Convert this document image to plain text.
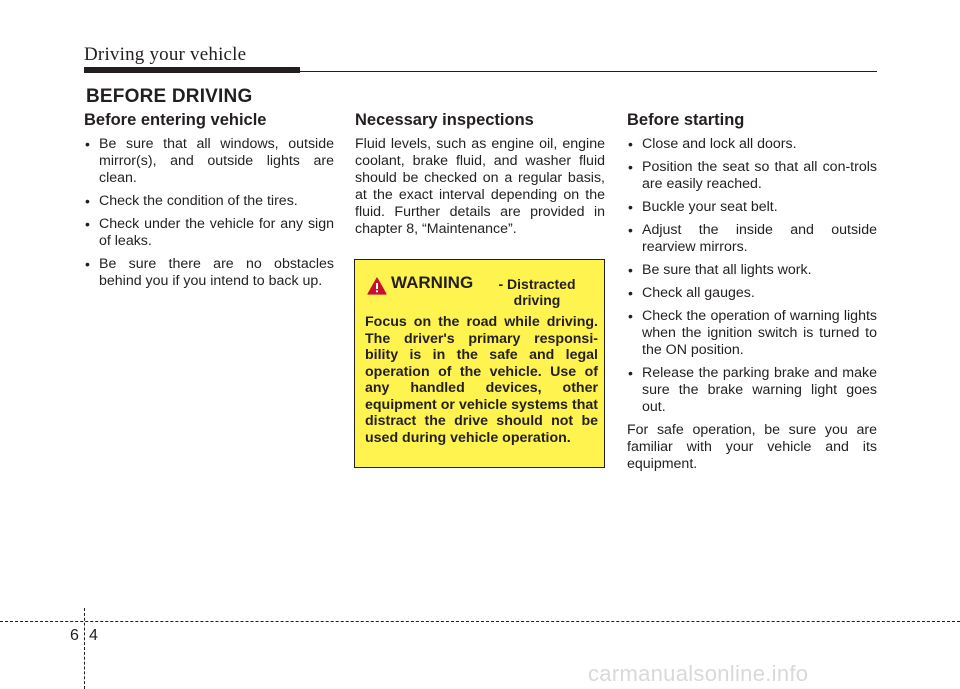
Driving your vehicle
BEFORE DRIVING
Before entering vehicle
• Be sure that all windows, outside mirror(s), and outside lights are clean.
• Check the condition of the tires.
• Check under the vehicle for any sign of leaks.
• Be sure there are no obstacles behind you if you intend to back up.
Necessary inspections

Fluid levels, such as engine oil, engine coolant, brake fluid, and washer fluid should be checked on a regular basis, at the exact interval depending on the fluid. Further details are provided in chapter 8, “Maintenance”.

WARNING	- Distracted driving
Focus on the road while driving. The driver's primary responsi-bility is in the safe and legal operation of the vehicle. Use of any handled devices, other equipment or vehicle systems that distract the drive should not be used during vehicle operation.
Before starting
• Close and lock all doors.
• Position the seat so that all con-trols are easily reached.
• Buckle your seat belt.
• Adjust the inside and outside rearview mirrors.
• Be sure that all lights work.
• Check all gauges.
• Check the operation of warning lights when the ignition switch is turned to the ON position.
• Release the parking brake and make sure the brake warning light goes out.

For safe operation, be sure you are familiar with your vehicle and its equipment.

6 4
carmanualsonline.info
